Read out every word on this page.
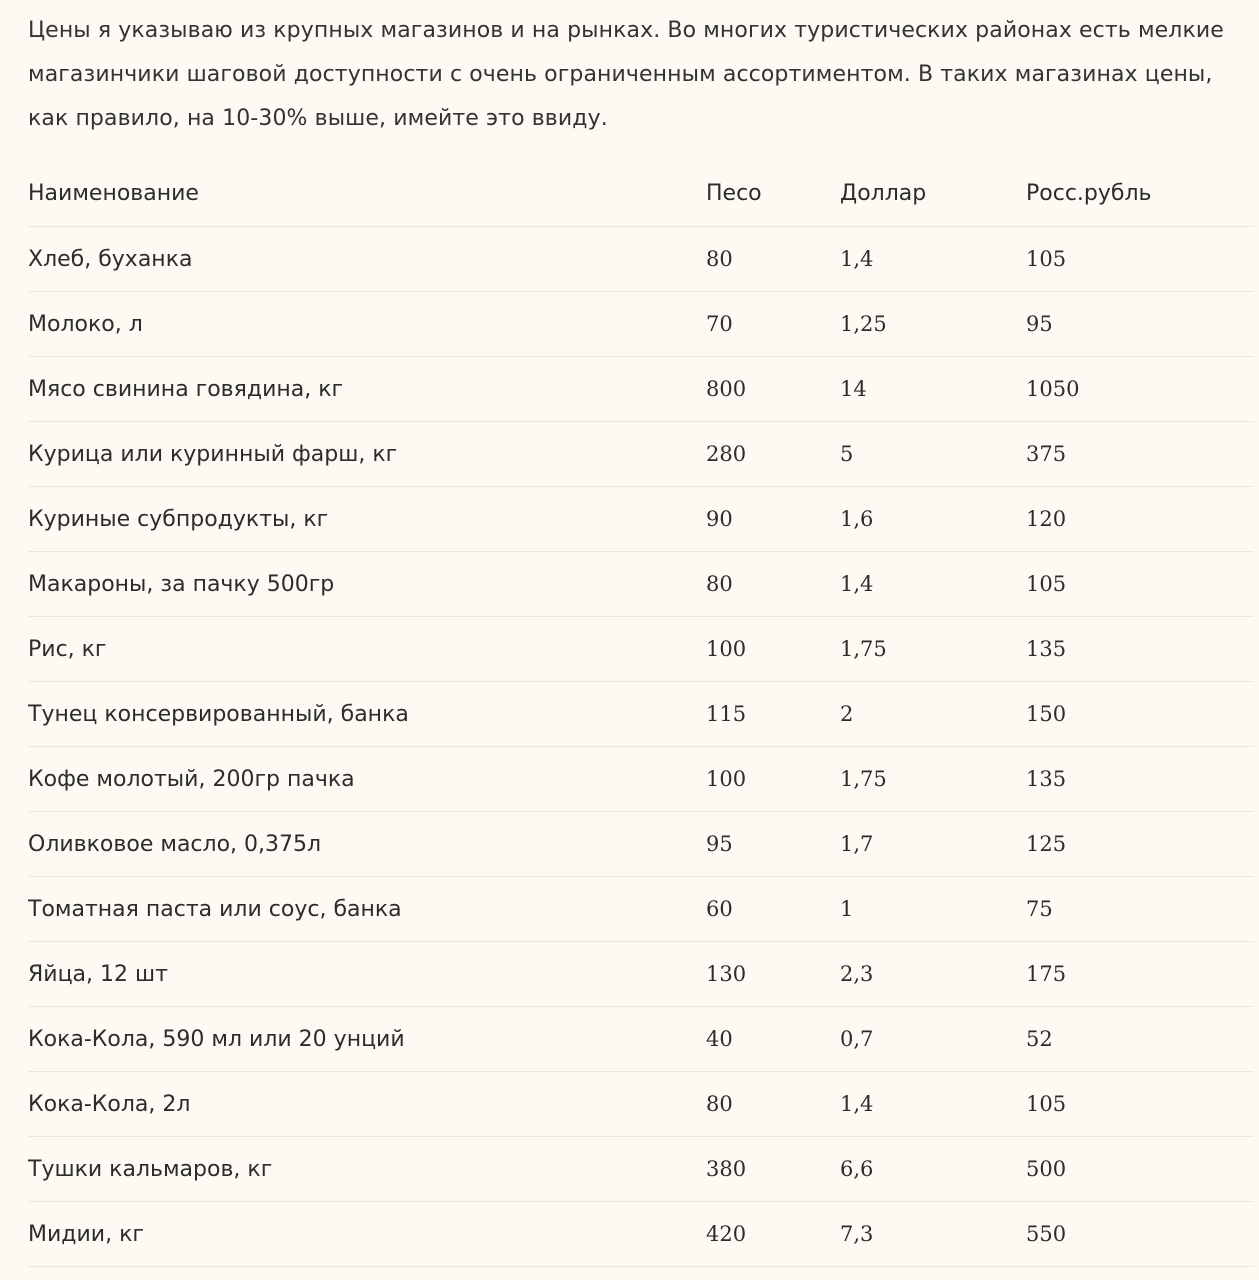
Цены я указываю из крупных магазинов и на рынках. Во многих туристических районах есть мелкие магазинчики шаговой доступности с очень ограниченным ассортиментом. В таких магазинах цены, как правило, на 10-30% выше, имейте это ввиду.

Наименование	Песо	Доллар	Росс.рубль
Хлеб, буханка	80	1,4	105
Молоко, л	70	1,25	95
Мясо свинина говядина, кг	800	14	1050
Курица или куринный фарш, кг	280	5	375
Куриные субпродукты, кг	90	1,6	120
Макароны, за пачку 500гр	80	1,4	105
Рис, кг	100	1,75	135
Тунец консервированный, банка	115	2	150
Кофе молотый, 200гр пачка	100	1,75	135
Оливковое масло, 0,375л	95	1,7	125
Томатная паста или соус, банка	60	1	75
Яйца, 12 шт	130	2,3	175
Кока-Кола, 590 мл или 20 унций	40	0,7	52
Кока-Кола, 2л	80	1,4	105
Тушки кальмаров, кг	380	6,6	500
Мидии, кг	420	7,3	550
